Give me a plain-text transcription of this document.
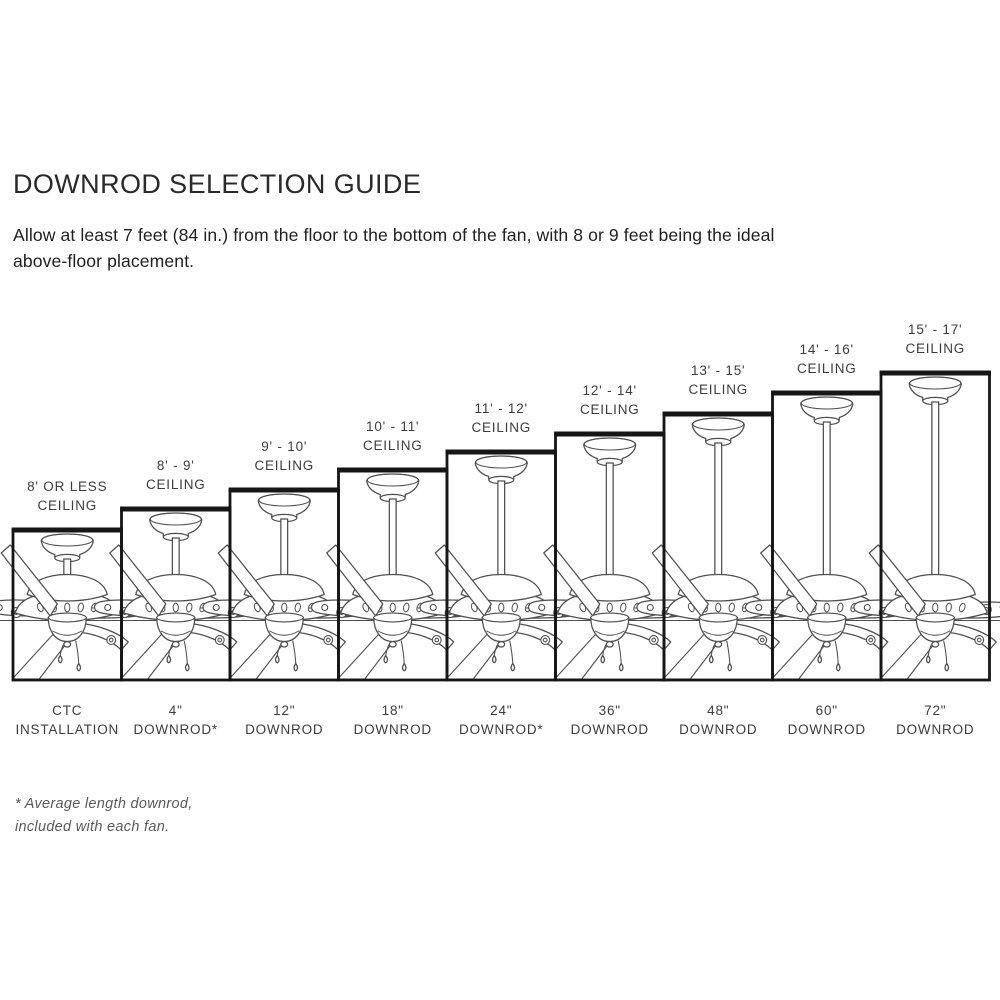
DOWNROD SELECTION GUIDE

Allow at least 7 feet (84 in.) from the floor to the bottom of the fan, with 8 or 9 feet being the ideal
above-floor placement.

8' OR LESS
CEILING
CTC
INSTALLATION
8' - 9'
CEILING
4"
DOWNROD*
9' - 10'
CEILING
12"
DOWNROD
10' - 11'
CEILING
18"
DOWNROD
11' - 12'
CEILING
24"
DOWNROD*
12' - 14'
CEILING
36"
DOWNROD
13' - 15'
CEILING
48"
DOWNROD
14' - 16'
CEILING
60"
DOWNROD
15' - 17'
CEILING
72"
DOWNROD

* Average length downrod,
included with each fan.
